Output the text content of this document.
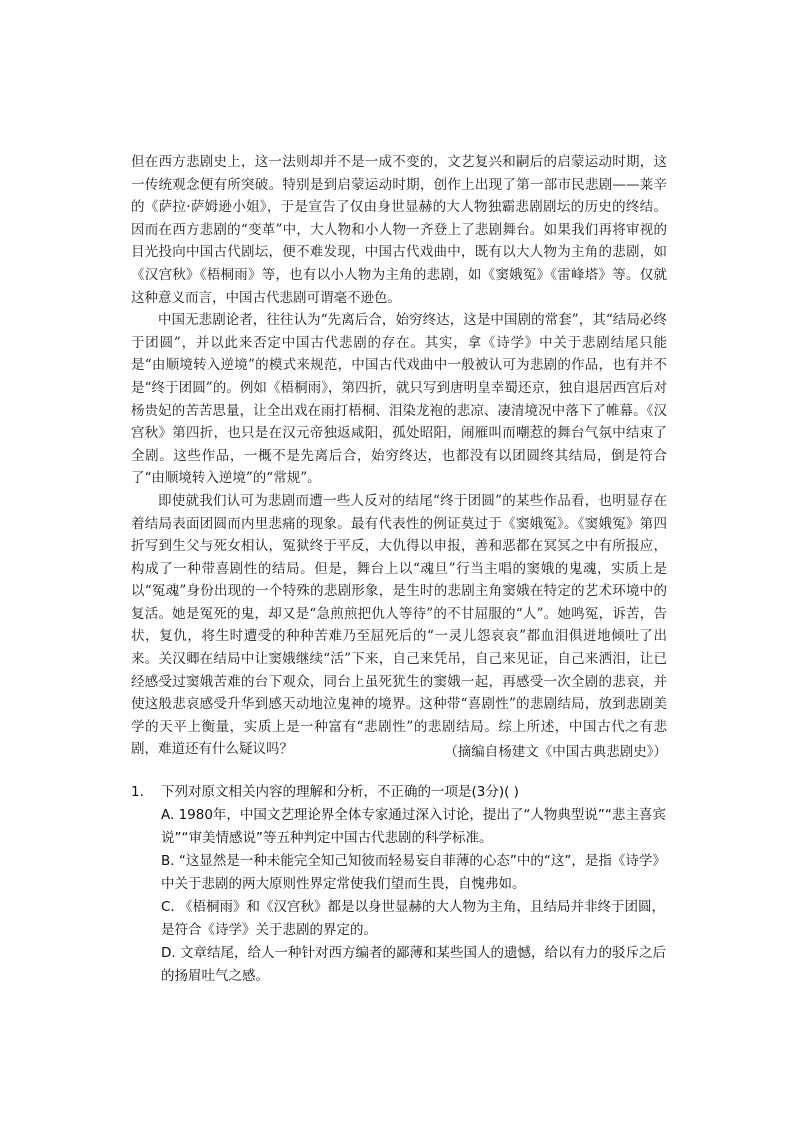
但在西方悲剧史上，这一法则却并不是一成不变的，文艺复兴和嗣后的启蒙运动时期，这一传统观念便有所突破。特别是到启蒙运动时期，创作上出现了第一部市民悲剧——莱辛的《萨拉·萨姆逊小姐》，于是宣告了仅由身世显赫的大人物独霸悲剧剧坛的历史的终结。因而在西方悲剧的“变革”中，大人物和小人物一齐登上了悲剧舞台。如果我们再将审视的目光投向中国古代剧坛，便不难发现，中国古代戏曲中，既有以大人物为主角的悲剧，如《汉宫秋》《梧桐雨》等，也有以小人物为主角的悲剧，如《窦娥冤》《雷峰塔》等。仅就这种意义而言，中国古代悲剧可谓毫不逊色。

中国无悲剧论者，往往认为“先离后合，始穷终达，这是中国剧的常套”，其“结局必终于团圆”，并以此来否定中国古代悲剧的存在。其实，拿《诗学》中关于悲剧结尾只能是“由顺境转入逆境”的模式来规范，中国古代戏曲中一般被认可为悲剧的作品，也有并不是“终于团圆”的。例如《梧桐雨》，第四折，就只写到唐明皇幸蜀还京，独自退居西宫后对杨贵妃的苦苦思量，让全出戏在雨打梧桐、泪染龙袍的悲凉、凄清境况中落下了帷幕。《汉宫秋》第四折，也只是在汉元帝独返咸阳，孤处昭阳，闹雁叫而嘲惹的舞台气氛中结束了全剧。这些作品，一概不是先离后合，始穷终达，也都没有以团圆终其结局，倒是符合了“由顺境转入逆境”的“常规”。

即使就我们认可为悲剧而遭一些人反对的结尾“终于团圆”的某些作品看，也明显存在着结局表面团圆而内里悲痛的现象。最有代表性的例证莫过于《窦娥冤》。《窦娥冤》第四折写到生父与死女相认，冤狱终于平反，大仇得以申报，善和恶都在冥冥之中有所报应，构成了一种带喜剧性的结局。但是，舞台上以“魂旦”行当主唱的窦娥的鬼魂，实质上是以“冤魂”身份出现的一个特殊的悲剧形象，是生时的悲剧主角窦娥在特定的艺术环境中的复活。她是冤死的鬼，却又是“急煎煎把仇人等待”的不甘屈服的“人”。她鸣冤，诉苦，告状，复仇，将生时遭受的种种苦难乃至屈死后的“一灵儿怨哀哀”都血泪俱迸地倾吐了出来。关汉卿在结局中让窦娥继续“活”下来，自己来凭吊，自己来见证，自己来洒泪，让已经感受过窦娥苦难的台下观众，同台上虽死犹生的窦娥一起，再感受一次全剧的悲哀，并使这般悲哀感受升华到感天动地泣鬼神的境界。这种带“喜剧性”的悲剧结局，放到悲剧美学的天平上衡量，实质上是一种富有“悲剧性”的悲剧结局。综上所述，中国古代之有悲剧，难道还有什么疑议吗？	（摘编自杨建文《中国古典悲剧史》）
1. 下列对原文相关内容的理解和分析，不正确的一项是(3分)( )
A. 1980年，中国文艺理论界全体专家通过深入讨论，提出了“人物典型说”“悲主喜宾说”“审美情感说”等五种判定中国古代悲剧的科学标准。
B. “这显然是一种未能完全知己知彼而轻易妄自菲薄的心态”中的“这”，是指《诗学》中关于悲剧的两大原则性界定常使我们望而生畏，自愧弗如。
C. 《梧桐雨》和《汉宫秋》都是以身世显赫的大人物为主角，且结局并非终于团圆，是符合《诗学》关于悲剧的界定的。
D. 文章结尾，给人一种针对西方编者的鄙薄和某些国人的遗憾，给以有力的驳斥之后的扬眉吐气之感。
